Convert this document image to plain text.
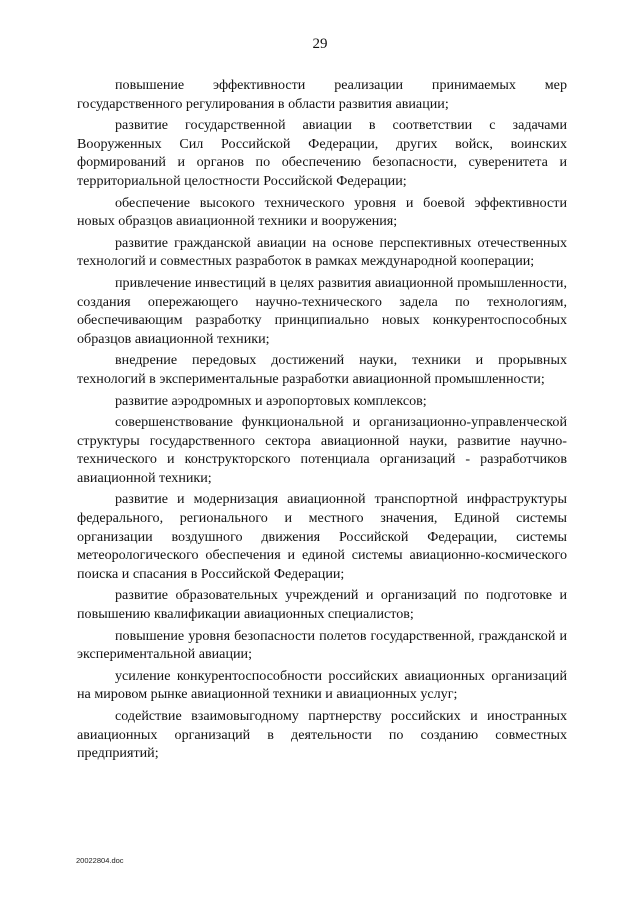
29

повышение эффективности реализации принимаемых мер государственного регулирования в области развития авиации;

развитие государственной авиации в соответствии с задачами Вооруженных Сил Российской Федерации, других войск, воинских формирований и органов по обеспечению безопасности, суверенитета и территориальной целостности Российской Федерации;

обеспечение высокого технического уровня и боевой эффективности новых образцов авиационной техники и вооружения;

развитие гражданской авиации на основе перспективных отечественных технологий и совместных разработок в рамках международной кооперации;

привлечение инвестиций в целях развития авиационной промышленности, создания опережающего научно-технического задела по технологиям, обеспечивающим разработку принципиально новых конкурентоспособных образцов авиационной техники;

внедрение передовых достижений науки, техники и прорывных технологий в экспериментальные разработки авиационной промышленности;

развитие аэродромных и аэропортовых комплексов;

совершенствование функциональной и организационно-управленческой структуры государственного сектора авиационной науки, развитие научно-технического и конструкторского потенциала организаций - разработчиков авиационной техники;

развитие и модернизация авиационной транспортной инфраструктуры федерального, регионального и местного значения, Единой системы организации воздушного движения Российской Федерации, системы метеорологического обеспечения и единой системы авиационно-космического поиска и спасания в Российской Федерации;

развитие образовательных учреждений и организаций по подготовке и повышению квалификации авиационных специалистов;

повышение уровня безопасности полетов государственной, гражданской и экспериментальной авиации;

усиление конкурентоспособности российских авиационных организаций на мировом рынке авиационной техники и авиационных услуг;

содействие взаимовыгодному партнерству российских и иностранных авиационных организаций в деятельности по созданию совместных предприятий;

20022804.doc
